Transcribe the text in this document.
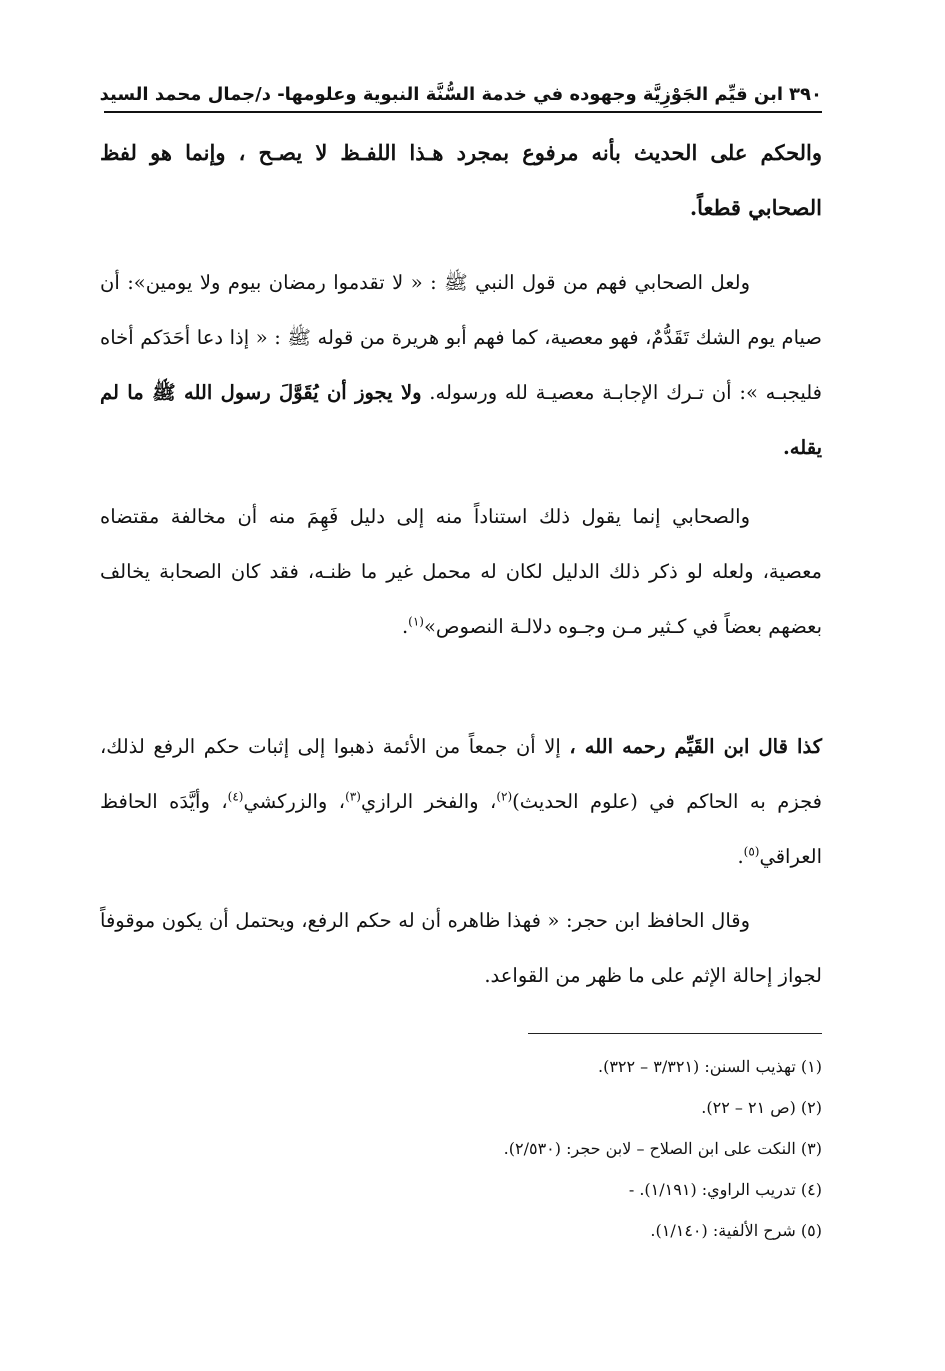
٣٩٠
ابن قيِّم الجَوْزِيَّة وجهوده في خدمة السُّنَّة النبوية وعلومها- د/جمال محمد السيد
والحكم على الحديث بأنه مرفوع بمجرد هـذا اللفـظ لا يصـح ، وإنما هو لفظ الصحابي قطعاً.
ولعل الصحابي فهم من قول النبي ﷺ : « لا تقدموا رمضان بيوم ولا يومين»: أن صيام يوم الشك تَقَدُّمٌ، فهو معصية، كما فهم أبو هريرة من قوله ﷺ : « إذا دعا أحَدَكم أخاه فليجبـه »: أن تـرك الإجابـة معصيـة لله ورسوله. ولا يجوز أن يُقَوَّلَ رسول الله ﷺ ما لم يقله.
والصحابي إنما يقول ذلك استناداً منه إلى دليل فَهِمَ منه أن مخالفة مقتضاه معصية، ولعله لو ذكر ذلك الدليل لكان له محمل غير ما ظنـه، فقد كان الصحابة يخالف بعضهم بعضاً في كـثير مـن وجـوه دلالـة النصوص»$^{(١)}$.
كذا قال ابن القَيِّم رحمه الله ، إلا أن جمعاً من الأئمة ذهبوا إلى إثبات حكم الرفع لذلك، فجزم به الحاكم في (علوم الحديث)$^{(٢)}$، والفخر الرازي$^{(٣)}$، والزركشي$^{(٤)}$، وأيَّدَه الحافظ العراقي$^{(٥)}$.
وقال الحافظ ابن حجر: « فهذا ظاهره أن له حكم الرفع، ويحتمل أن يكون موقوفاً لجواز إحالة الإثم على ما ظهر من القواعد.
(١) تهذيب السنن: (٣/٣٢١ – ٣٢٢).
(٢) (ص ٢١ – ٢٢).
(٣) النكت على ابن الصلاح – لابن حجر: (٢/٥٣٠).
(٤) تدريب الراوي: (١/١٩١). -
(٥) شرح الألفية: (١/١٤٠).
